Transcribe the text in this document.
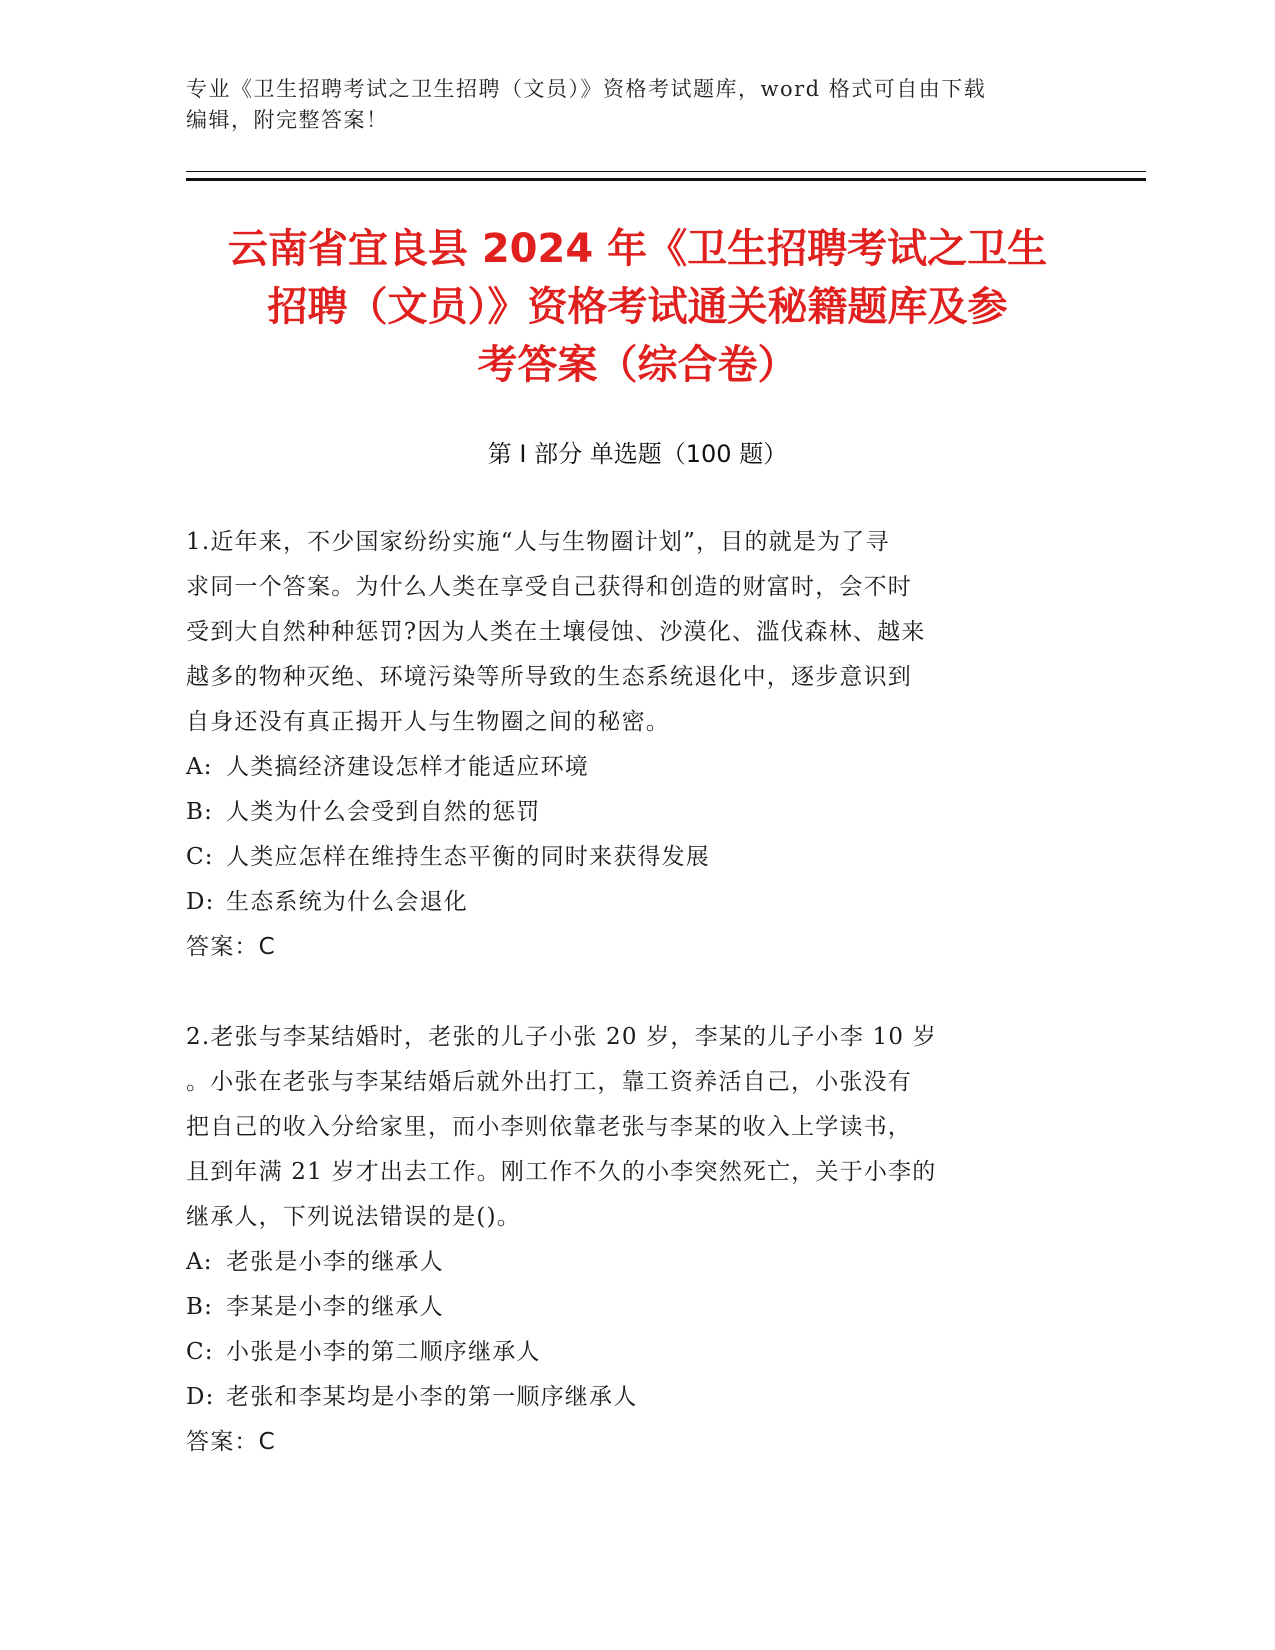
专业《卫生招聘考试之卫生招聘（文员）》资格考试题库，word 格式可自由下载
编辑，附完整答案！
云南省宜良县 2024 年《卫生招聘考试之卫生
招聘（文员）》资格考试通关秘籍题库及参
考答案（综合卷）
第 I 部分 单选题（100 题）
1.近年来，不少国家纷纷实施“人与生物圈计划”，目的就是为了寻
求同一个答案。为什么人类在享受自己获得和创造的财富时，会不时
受到大自然种种惩罚?因为人类在土壤侵蚀、沙漠化、滥伐森林、越来
越多的物种灭绝、环境污染等所导致的生态系统退化中，逐步意识到
自身还没有真正揭开人与生物圈之间的秘密。
A: 人类搞经济建设怎样才能适应环境
B: 人类为什么会受到自然的惩罚
C: 人类应怎样在维持生态平衡的同时来获得发展
D: 生态系统为什么会退化
答案：C
2.老张与李某结婚时，老张的儿子小张 20 岁，李某的儿子小李 10 岁
。小张在老张与李某结婚后就外出打工，靠工资养活自己，小张没有
把自己的收入分给家里，而小李则依靠老张与李某的收入上学读书，
且到年满 21 岁才出去工作。刚工作不久的小李突然死亡，关于小李的
继承人，下列说法错误的是()。
A: 老张是小李的继承人
B: 李某是小李的继承人
C: 小张是小李的第二顺序继承人
D: 老张和李某均是小李的第一顺序继承人
答案：C
